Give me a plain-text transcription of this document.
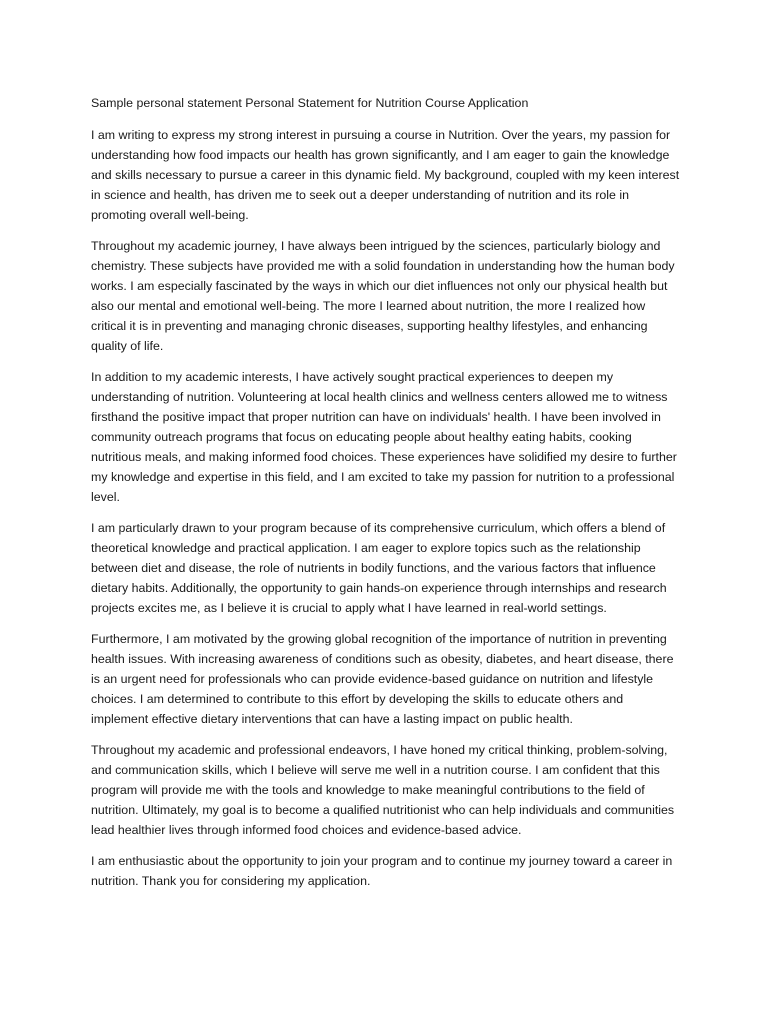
Sample personal statement Personal Statement for Nutrition Course Application

I am writing to express my strong interest in pursuing a course in Nutrition. Over the years, my passion for understanding how food impacts our health has grown significantly, and I am eager to gain the knowledge and skills necessary to pursue a career in this dynamic field. My background, coupled with my keen interest in science and health, has driven me to seek out a deeper understanding of nutrition and its role in promoting overall well-being.

Throughout my academic journey, I have always been intrigued by the sciences, particularly biology and chemistry. These subjects have provided me with a solid foundation in understanding how the human body works. I am especially fascinated by the ways in which our diet influences not only our physical health but also our mental and emotional well-being. The more I learned about nutrition, the more I realized how critical it is in preventing and managing chronic diseases, supporting healthy lifestyles, and enhancing quality of life.

In addition to my academic interests, I have actively sought practical experiences to deepen my understanding of nutrition. Volunteering at local health clinics and wellness centers allowed me to witness firsthand the positive impact that proper nutrition can have on individuals' health. I have been involved in community outreach programs that focus on educating people about healthy eating habits, cooking nutritious meals, and making informed food choices. These experiences have solidified my desire to further my knowledge and expertise in this field, and I am excited to take my passion for nutrition to a professional level.

I am particularly drawn to your program because of its comprehensive curriculum, which offers a blend of theoretical knowledge and practical application. I am eager to explore topics such as the relationship between diet and disease, the role of nutrients in bodily functions, and the various factors that influence dietary habits. Additionally, the opportunity to gain hands-on experience through internships and research projects excites me, as I believe it is crucial to apply what I have learned in real-world settings.

Furthermore, I am motivated by the growing global recognition of the importance of nutrition in preventing health issues. With increasing awareness of conditions such as obesity, diabetes, and heart disease, there is an urgent need for professionals who can provide evidence-based guidance on nutrition and lifestyle choices. I am determined to contribute to this effort by developing the skills to educate others and implement effective dietary interventions that can have a lasting impact on public health.

Throughout my academic and professional endeavors, I have honed my critical thinking, problem-solving, and communication skills, which I believe will serve me well in a nutrition course. I am confident that this program will provide me with the tools and knowledge to make meaningful contributions to the field of nutrition. Ultimately, my goal is to become a qualified nutritionist who can help individuals and communities lead healthier lives through informed food choices and evidence-based advice.

I am enthusiastic about the opportunity to join your program and to continue my journey toward a career in nutrition. Thank you for considering my application.
